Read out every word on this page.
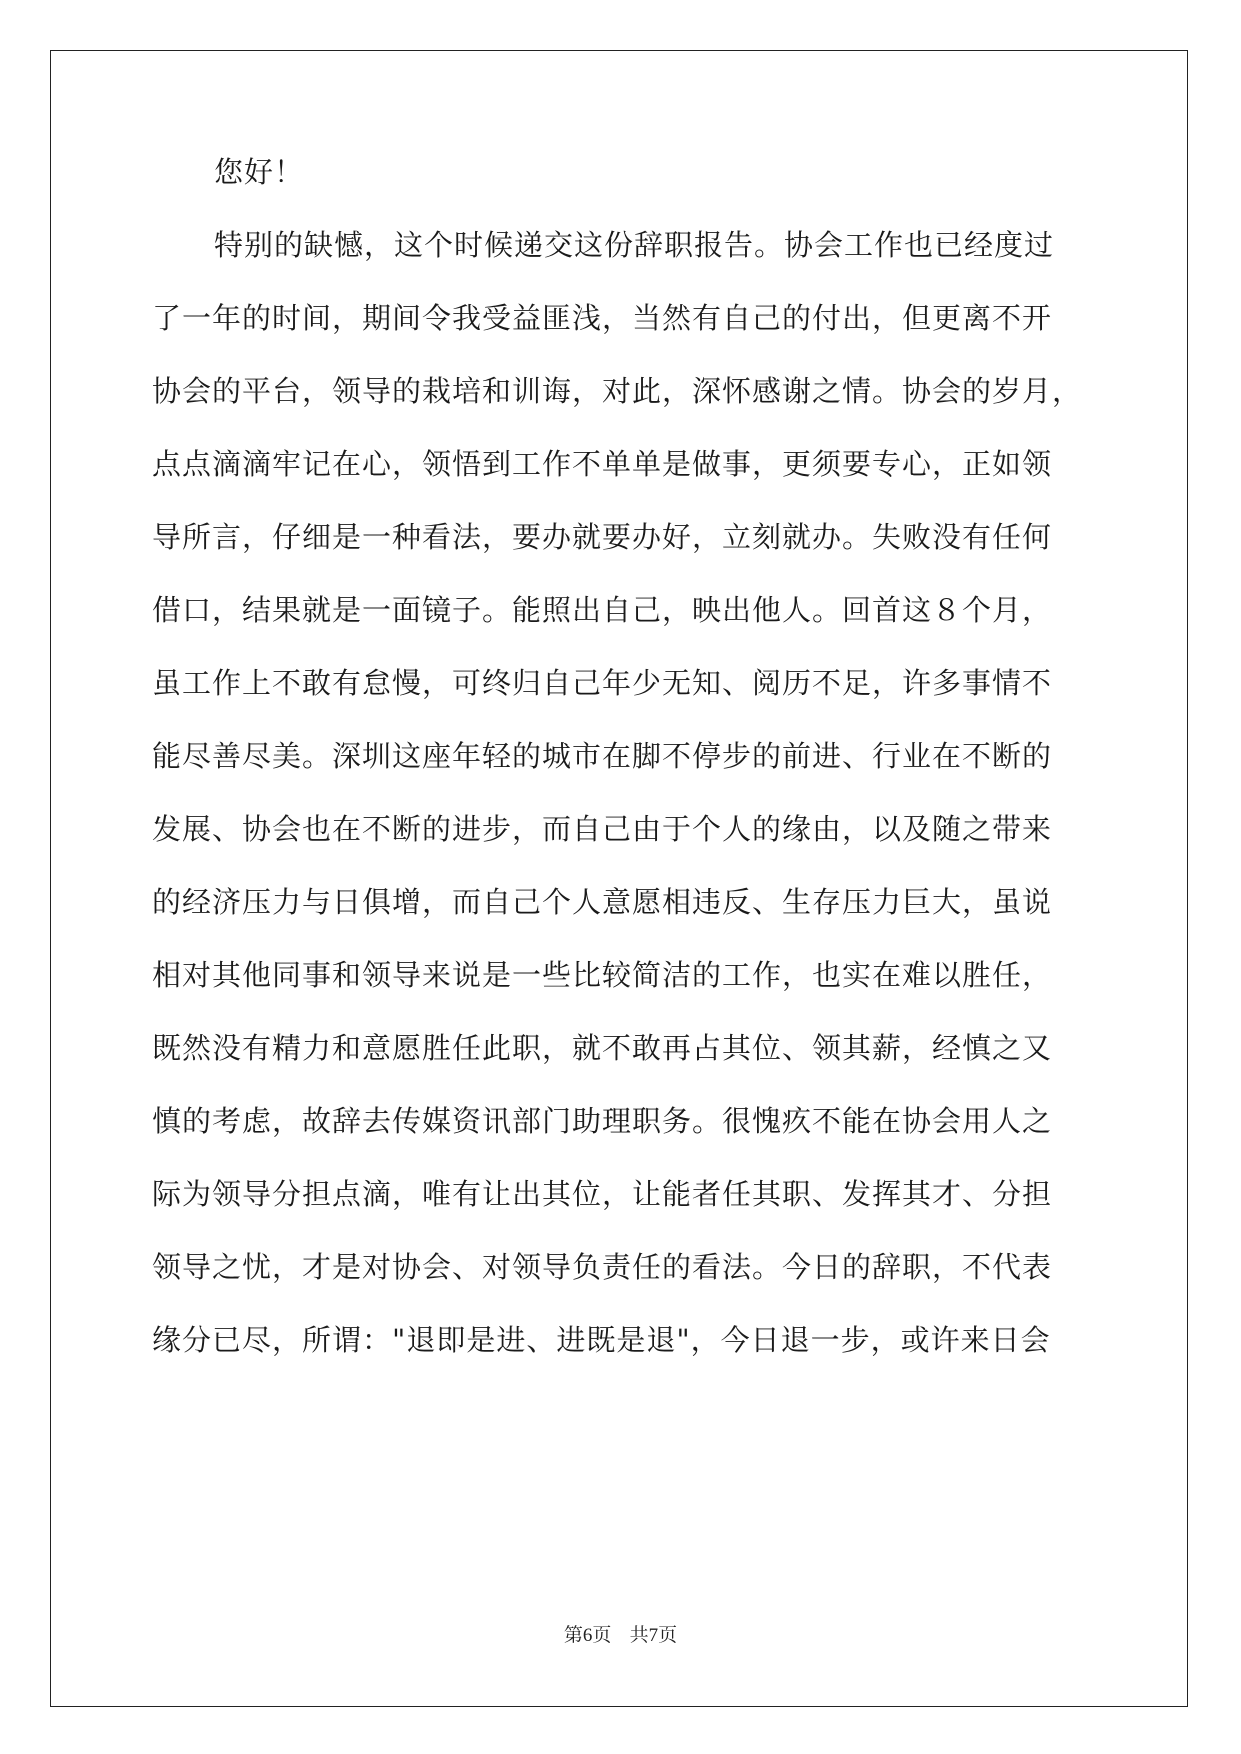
您好！
特别的缺憾，这个时候递交这份辞职报告。协会工作也已经度过
了一年的时间，期间令我受益匪浅，当然有自己的付出，但更离不开
协会的平台，领导的栽培和训诲，对此，深怀感谢之情。协会的岁月，
点点滴滴牢记在心，领悟到工作不单单是做事，更须要专心，正如领
导所言，仔细是一种看法，要办就要办好，立刻就办。失败没有任何
借口，结果就是一面镜子。能照出自己，映出他人。回首这８个月，
虽工作上不敢有怠慢，可终归自己年少无知、阅历不足，许多事情不
能尽善尽美。深圳这座年轻的城市在脚不停步的前进、行业在不断的
发展、协会也在不断的进步，而自己由于个人的缘由，以及随之带来
的经济压力与日俱增，而自己个人意愿相违反、生存压力巨大，虽说
相对其他同事和领导来说是一些比较简洁的工作，也实在难以胜任，
既然没有精力和意愿胜任此职，就不敢再占其位、领其薪，经慎之又
慎的考虑，故辞去传媒资讯部门助理职务。很愧疚不能在协会用人之
际为领导分担点滴，唯有让出其位，让能者任其职、发挥其才、分担
领导之忧，才是对协会、对领导负责任的看法。今日的辞职，不代表
缘分已尽，所谓："退即是进、进既是退"，今日退一步，或许来日会
第6页 共7页
